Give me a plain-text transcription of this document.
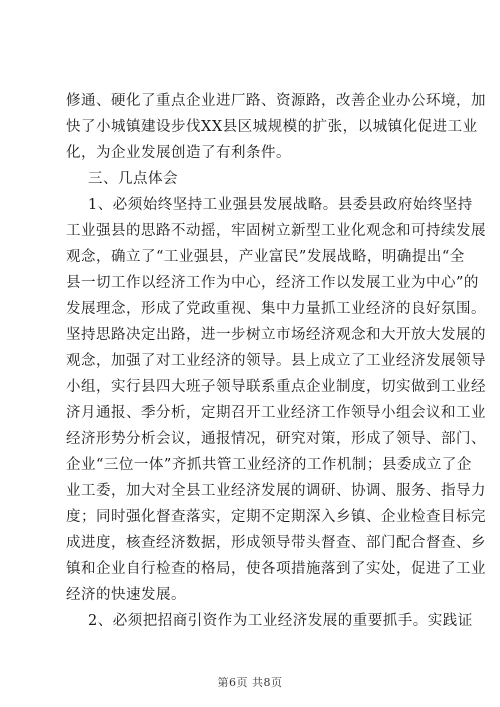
修通、硬化了重点企业进厂路、资源路，改善企业办公环境，加
快了小城镇建设步伐XX县区城规模的扩张，以城镇化促进工业
化，为企业发展创造了有利条件。
三、几点体会
1、必须始终坚持工业强县发展战略。县委县政府始终坚持
工业强县的思路不动摇，牢固树立新型工业化观念和可持续发展
观念，确立了“工业强县，产业富民”发展战略，明确提出“全
县一切工作以经济工作为中心，经济工作以发展工业为中心”的
发展理念，形成了党政重视、集中力量抓工业经济的良好氛围。
坚持思路决定出路，进一步树立市场经济观念和大开放大发展的
观念，加强了对工业经济的领导。县上成立了工业经济发展领导
小组，实行县四大班子领导联系重点企业制度，切实做到工业经
济月通报、季分析，定期召开工业经济工作领导小组会议和工业
经济形势分析会议，通报情况，研究对策，形成了领导、部门、
企业“三位一体”齐抓共管工业经济的工作机制；县委成立了企
业工委，加大对全县工业经济发展的调研、协调、服务、指导力
度；同时强化督查落实，定期不定期深入乡镇、企业检查目标完
成进度，核查经济数据，形成领导带头督查、部门配合督查、乡
镇和企业自行检查的格局，使各项措施落到了实处，促进了工业
经济的快速发展。
2、必须把招商引资作为工业经济发展的重要抓手。实践证
第6页 共8页
